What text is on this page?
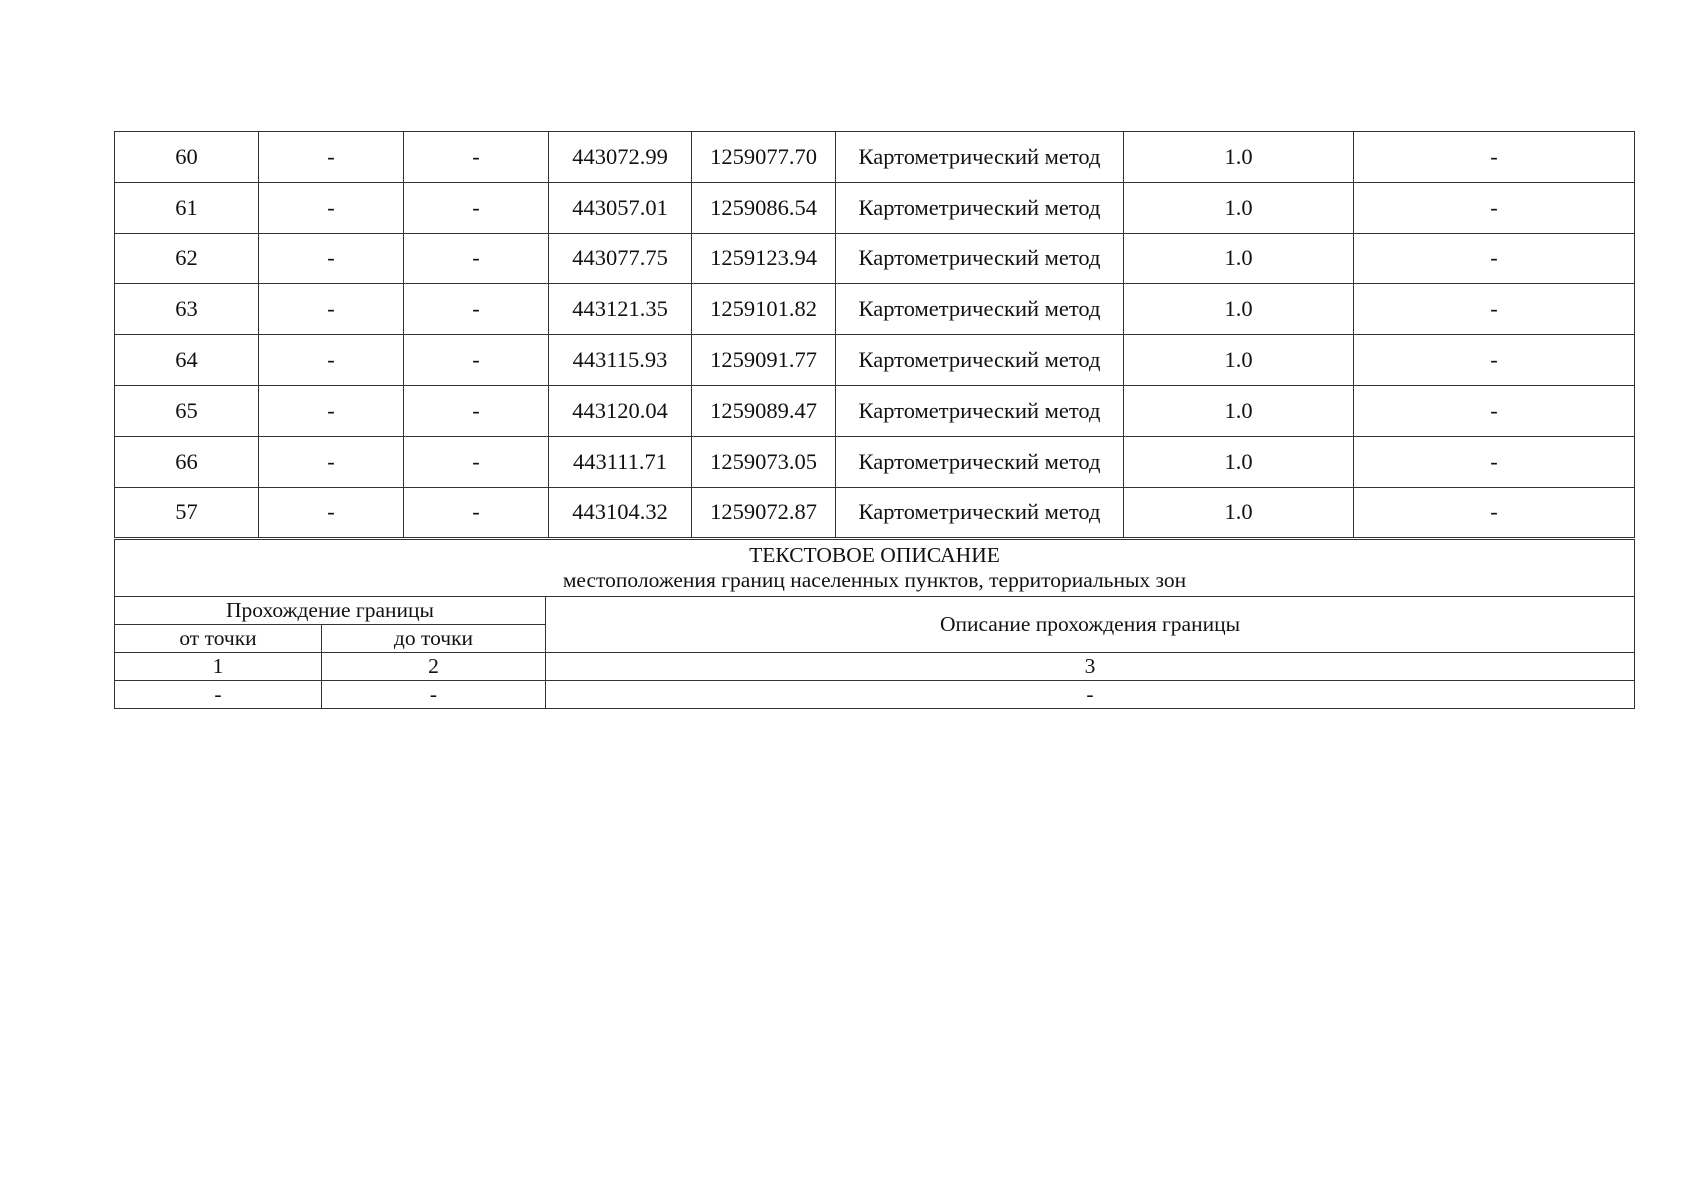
60	-	-	443072.99	1259077.70	Картометрический метод	1.0	-
61	-	-	443057.01	1259086.54	Картометрический метод	1.0	-
62	-	-	443077.75	1259123.94	Картометрический метод	1.0	-
63	-	-	443121.35	1259101.82	Картометрический метод	1.0	-
64	-	-	443115.93	1259091.77	Картометрический метод	1.0	-
65	-	-	443120.04	1259089.47	Картометрический метод	1.0	-
66	-	-	443111.71	1259073.05	Картометрический метод	1.0	-
57	-	-	443104.32	1259072.87	Картометрический метод	1.0	-
ТЕКСТОВОЕ ОПИСАНИЕ
местоположения границ населенных пунктов, территориальных зон		

Прохождение границы		Описание прохождения границы
от точки	до точки	
1	2	3
-	-	-
